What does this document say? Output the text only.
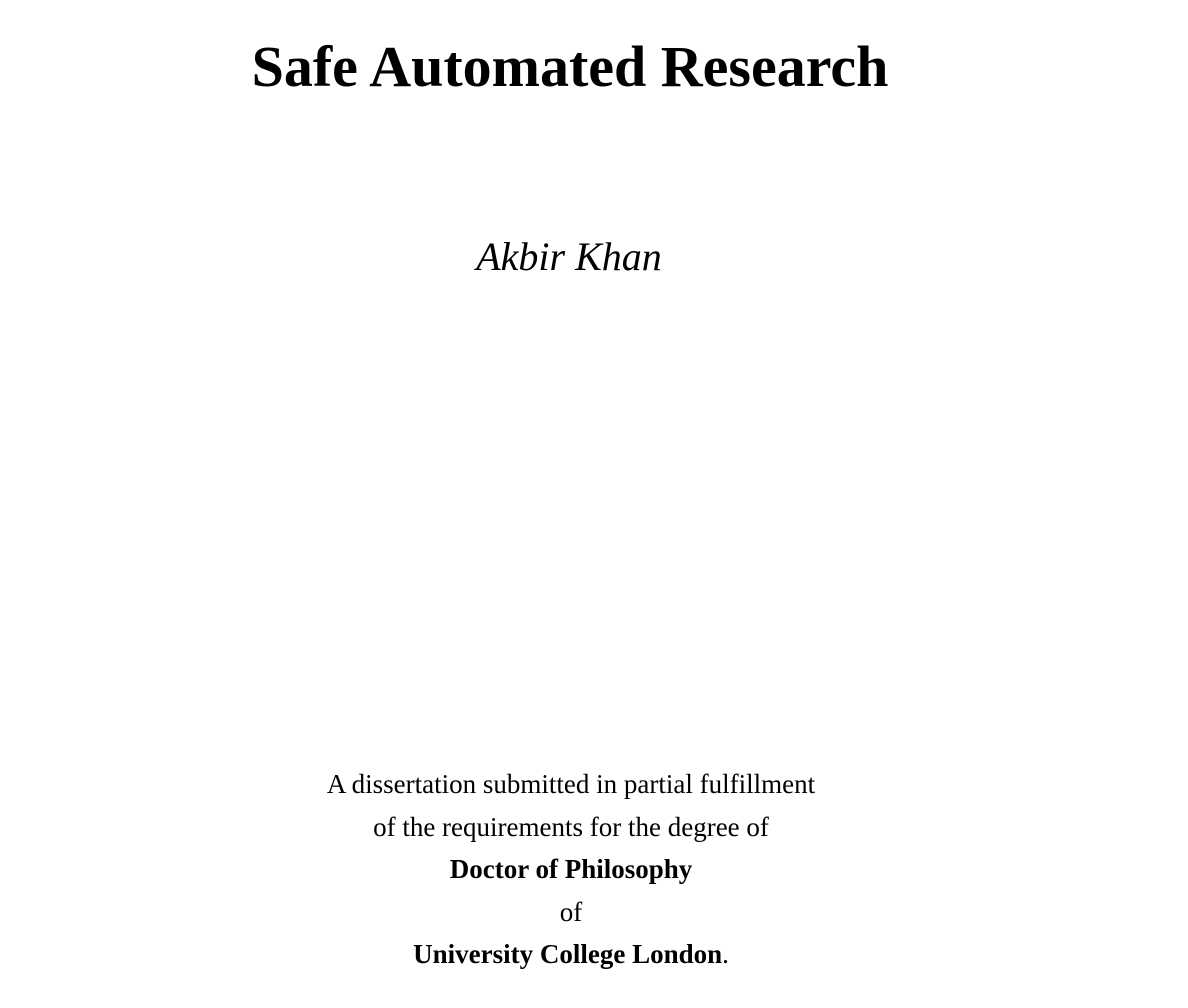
Safe Automated Research

Akbir Khan

A dissertation submitted in partial fulfillment
of the requirements for the degree of
Doctor of Philosophy
of
University College London.
